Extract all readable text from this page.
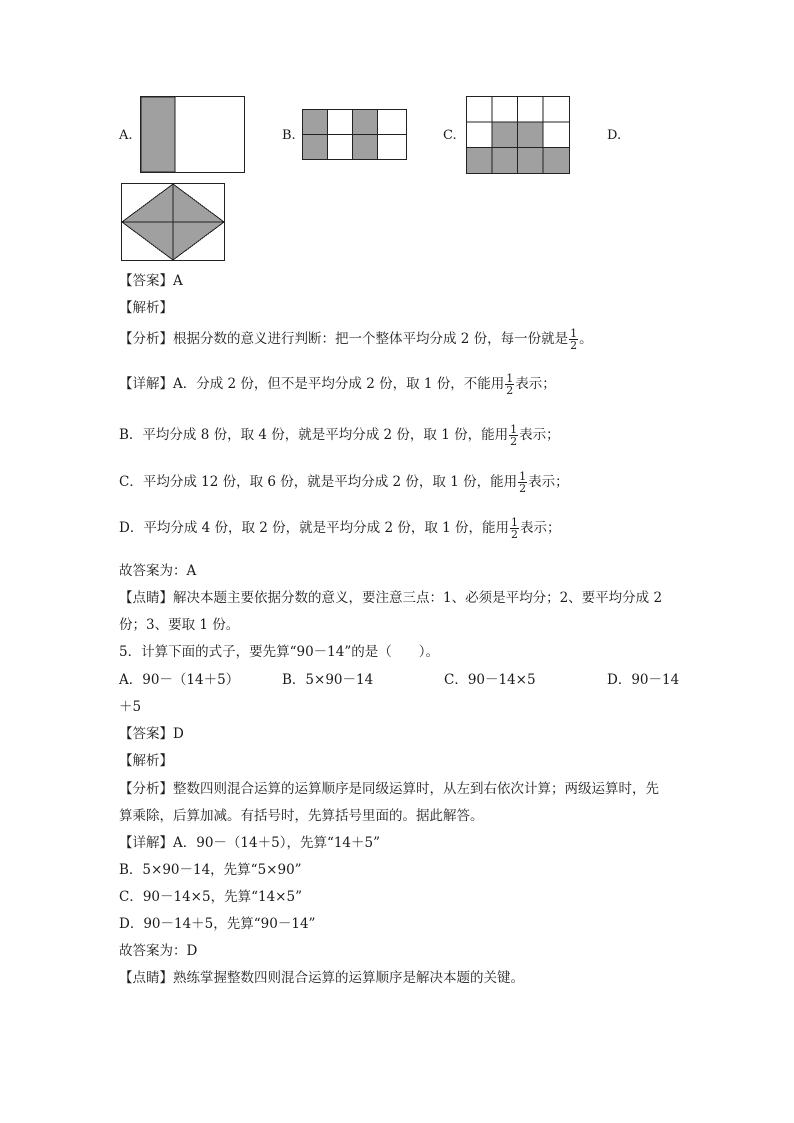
A.	B.	C.	D.
【答案】A
【解析】
【分析】根据分数的意义进行判断：把一个整体平均分成 2 份，每一份就是 $\frac{1}{2}$ 。
【详解】A．分成 2 份，但不是平均分成 2 份，取 1 份，不能用 $\frac{1}{2}$ 表示；
B．平均分成 8 份，取 4 份，就是平均分成 2 份，取 1 份，能用 $\frac{1}{2}$ 表示；
C．平均分成 12 份，取 6 份，就是平均分成 2 份，取 1 份，能用 $\frac{1}{2}$ 表示；
D．平均分成 4 份，取 2 份，就是平均分成 2 份，取 1 份，能用 $\frac{1}{2}$ 表示；
故答案为：A
【点睛】解决本题主要依据分数的意义，要注意三点：1、必须是平均分；2、要平均分成 2
份；3、要取 1 份。
5．计算下面的式子，要先算“90－14”的是（　　）。
A．90－（14＋5）	B．5×90－14	C．90－14×5	D．90－14
＋5
【答案】D
【解析】
【分析】整数四则混合运算的运算顺序是同级运算时，从左到右依次计算；两级运算时，先
算乘除，后算加减。有括号时，先算括号里面的。据此解答。
【详解】A．90－（14＋5），先算“14＋5”
B．5×90－14，先算“5×90”
C．90－14×5，先算“14×5”
D．90－14＋5，先算“90－14”
故答案为：D
【点睛】熟练掌握整数四则混合运算的运算顺序是解决本题的关键。
